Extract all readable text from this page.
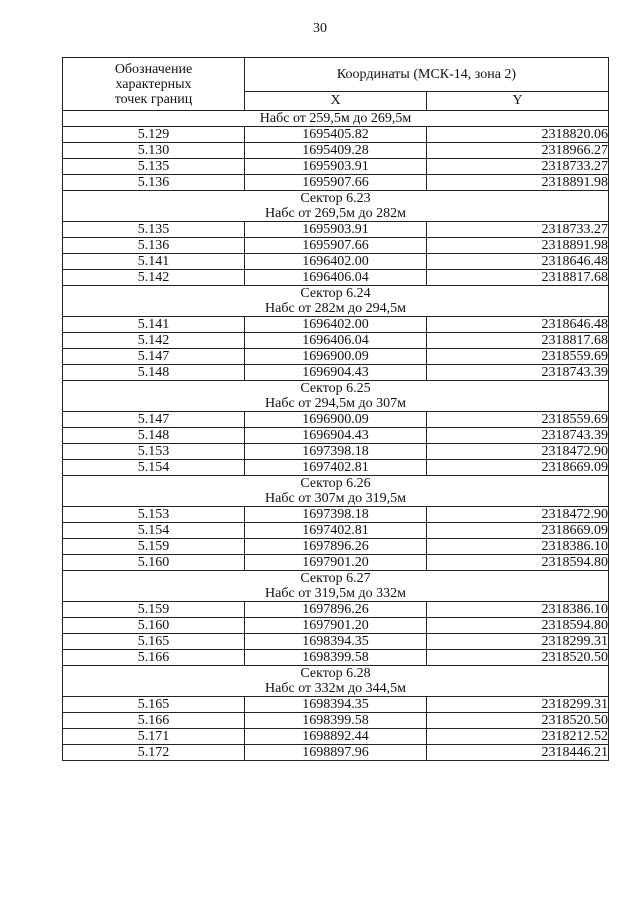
30
Обозначение
характерных
точек границ	Координаты (МСК-14, зона 2)	
	X	Y

Набс от 259,5м до 269,5м		

5.129	1695405.82	2318820.06
5.130	1695409.28	2318966.27
5.135	1695903.91	2318733.27
5.136	1695907.66	2318891.98

Сектор 6.23
Набс от 269,5м до 282м		

5.135	1695903.91	2318733.27
5.136	1695907.66	2318891.98
5.141	1696402.00	2318646.48
5.142	1696406.04	2318817.68

Сектор 6.24
Набс от 282м до 294,5м		

5.141	1696402.00	2318646.48
5.142	1696406.04	2318817.68
5.147	1696900.09	2318559.69
5.148	1696904.43	2318743.39

Сектор 6.25
Набс от 294,5м до 307м		

5.147	1696900.09	2318559.69
5.148	1696904.43	2318743.39
5.153	1697398.18	2318472.90
5.154	1697402.81	2318669.09

Сектор 6.26
Набс от 307м до 319,5м		

5.153	1697398.18	2318472.90
5.154	1697402.81	2318669.09
5.159	1697896.26	2318386.10
5.160	1697901.20	2318594.80

Сектор 6.27
Набс от 319,5м до 332м		

5.159	1697896.26	2318386.10
5.160	1697901.20	2318594.80
5.165	1698394.35	2318299.31
5.166	1698399.58	2318520.50

Сектор 6.28
Набс от 332м до 344,5м		

5.165	1698394.35	2318299.31
5.166	1698399.58	2318520.50
5.171	1698892.44	2318212.52
5.172	1698897.96	2318446.21
